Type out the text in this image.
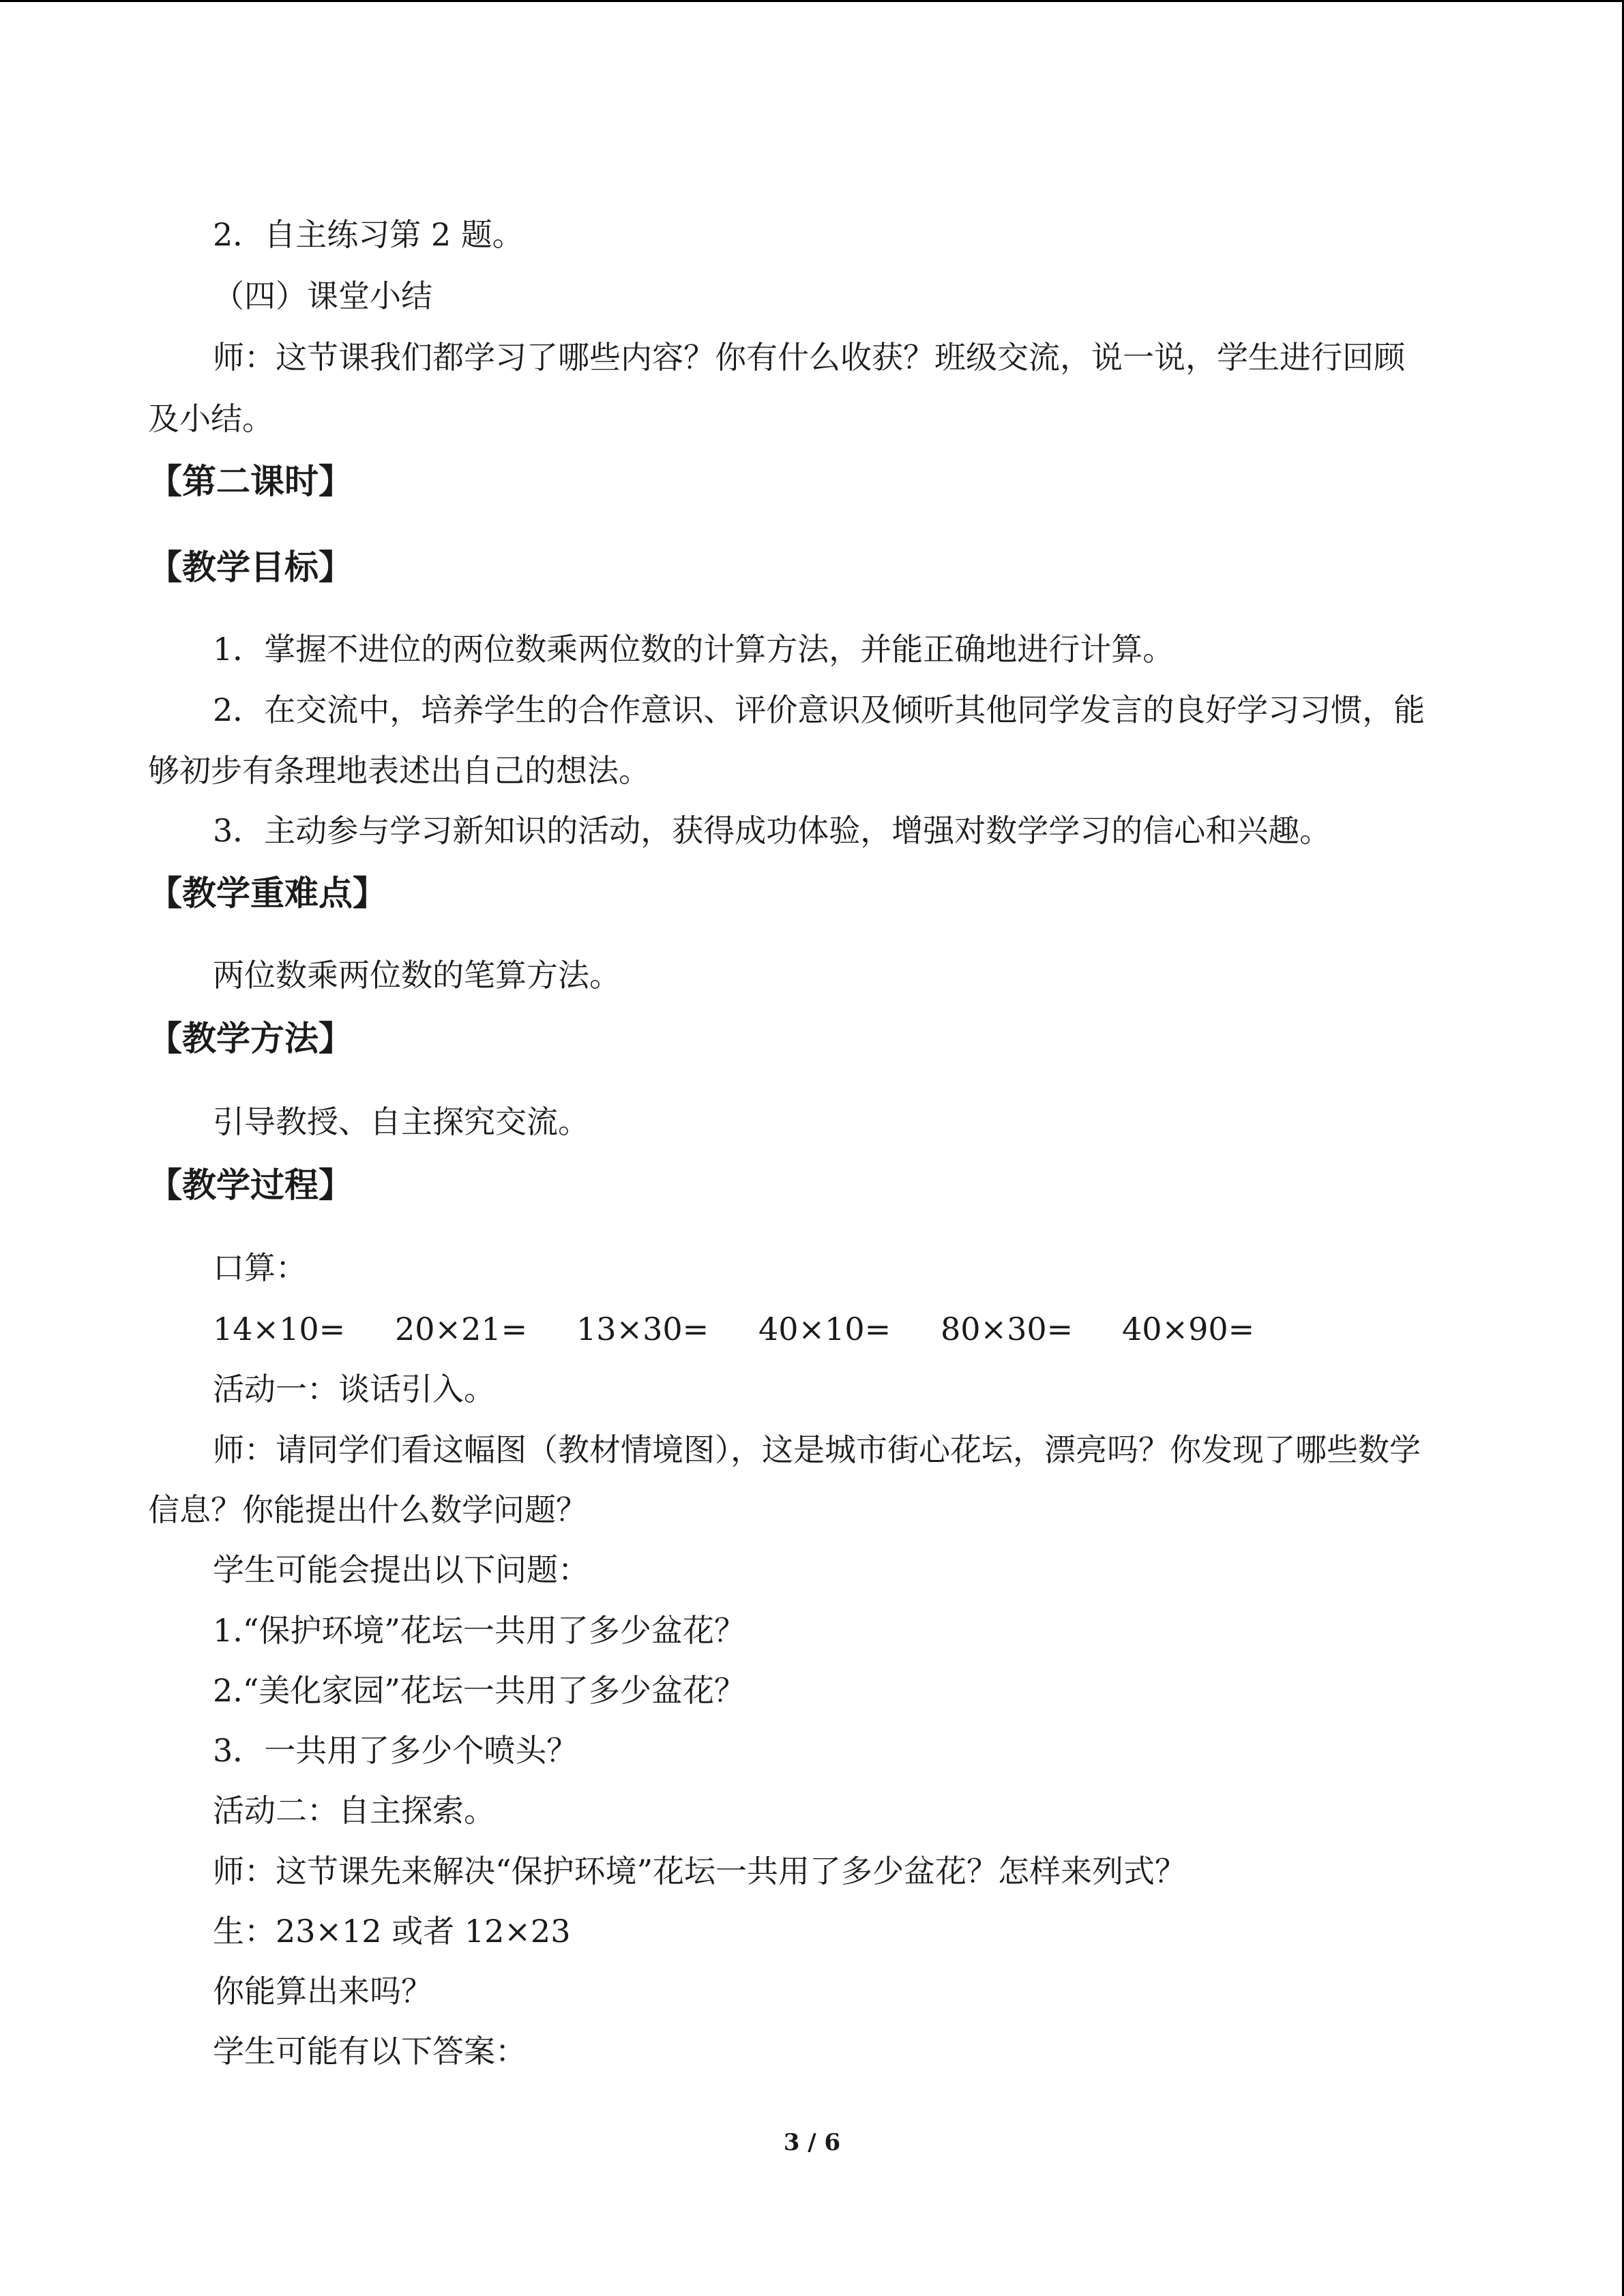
2．自主练习第 2 题。
（四）课堂小结
师：这节课我们都学习了哪些内容？你有什么收获？班级交流，说一说，学生进行回顾
及小结。
【第二课时】
【教学目标】
1．掌握不进位的两位数乘两位数的计算方法，并能正确地进行计算。
2．在交流中，培养学生的合作意识、评价意识及倾听其他同学发言的良好学习习惯，能
够初步有条理地表述出自己的想法。
3．主动参与学习新知识的活动，获得成功体验，增强对数学学习的信心和兴趣。
【教学重难点】
两位数乘两位数的笔算方法。
【教学方法】
引导教授、自主探究交流。
【教学过程】
口算：
14×10= 20×21= 13×30= 40×10= 80×30= 40×90=
活动一：谈话引入。
师：请同学们看这幅图（教材情境图），这是城市街心花坛，漂亮吗？你发现了哪些数学
信息？你能提出什么数学问题？
学生可能会提出以下问题：
1.“保护环境”花坛一共用了多少盆花？
2.“美化家园”花坛一共用了多少盆花？
3．一共用了多少个喷头？
活动二：自主探索。
师：这节课先来解决“保护环境”花坛一共用了多少盆花？怎样来列式？
生：23×12 或者 12×23
你能算出来吗？
学生可能有以下答案：
3 / 6
